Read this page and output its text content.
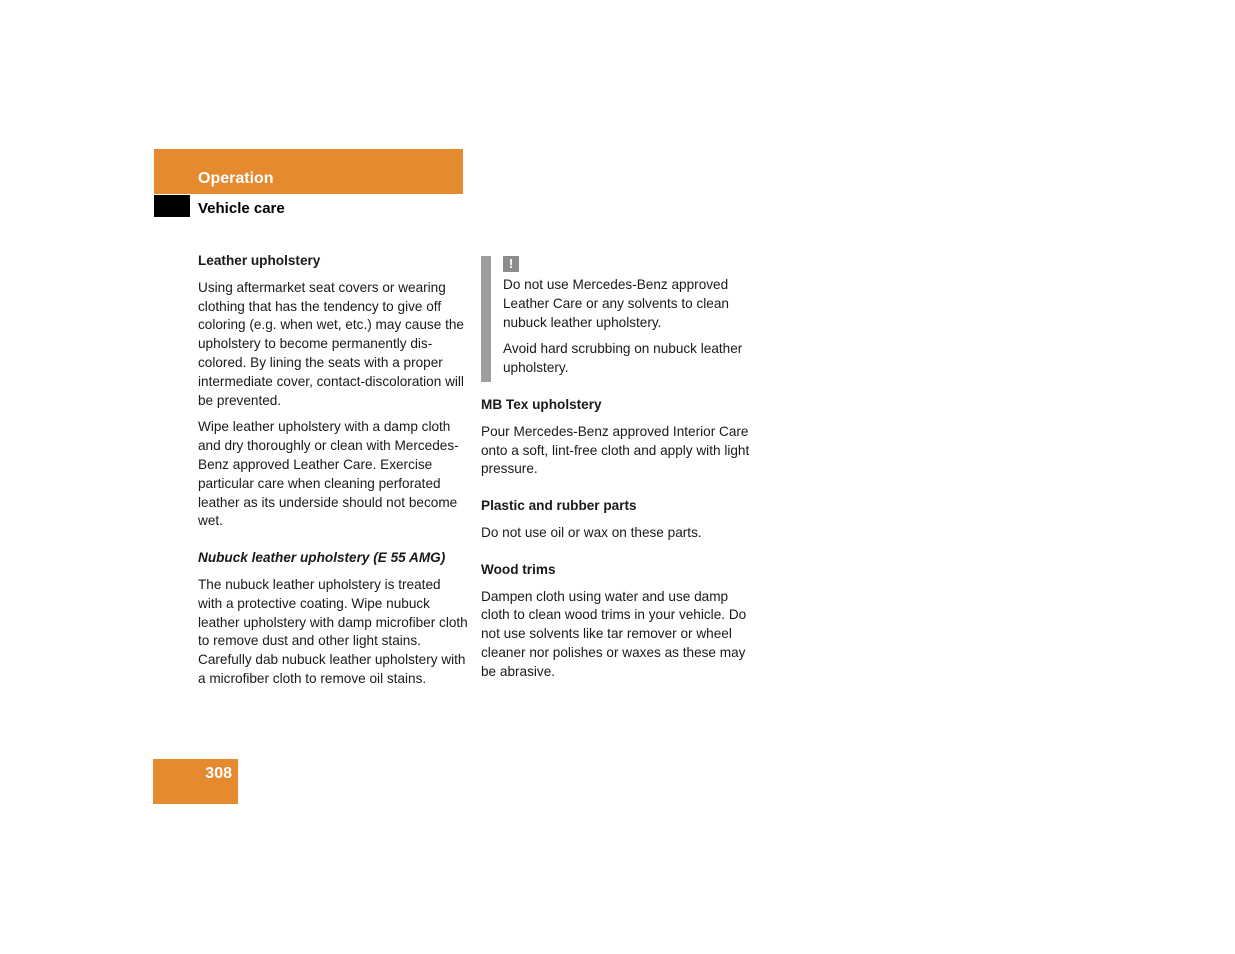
Operation
Vehicle care
Leather upholstery

Using aftermarket seat covers or wearing clothing that has the tendency to give off coloring (e.g. when wet, etc.) may cause the upholstery to become permanently discolored. By lining the seats with a proper intermediate cover, contact-discoloration will be prevented.

Wipe leather upholstery with a damp cloth and dry thoroughly or clean with Mercedes-Benz approved Leather Care. Exercise particular care when cleaning perforated leather as its underside should not become wet.

Nubuck leather upholstery (E 55 AMG)

The nubuck leather upholstery is treated with a protective coating. Wipe nubuck leather upholstery with damp microfiber cloth to remove dust and other light stains. Carefully dab nubuck leather upholstery with a microfiber cloth to remove oil stains.

!

Do not use Mercedes-Benz approved Leather Care or any solvents to clean nubuck leather upholstery.

Avoid hard scrubbing on nubuck leather upholstery.

MB Tex upholstery

Pour Mercedes-Benz approved Interior Care onto a soft, lint-free cloth and apply with light pressure.

Plastic and rubber parts

Do not use oil or wax on these parts.

Wood trims

Dampen cloth using water and use damp cloth to clean wood trims in your vehicle. Do not use solvents like tar remover or wheel cleaner nor polishes or waxes as these may be abrasive.

308
